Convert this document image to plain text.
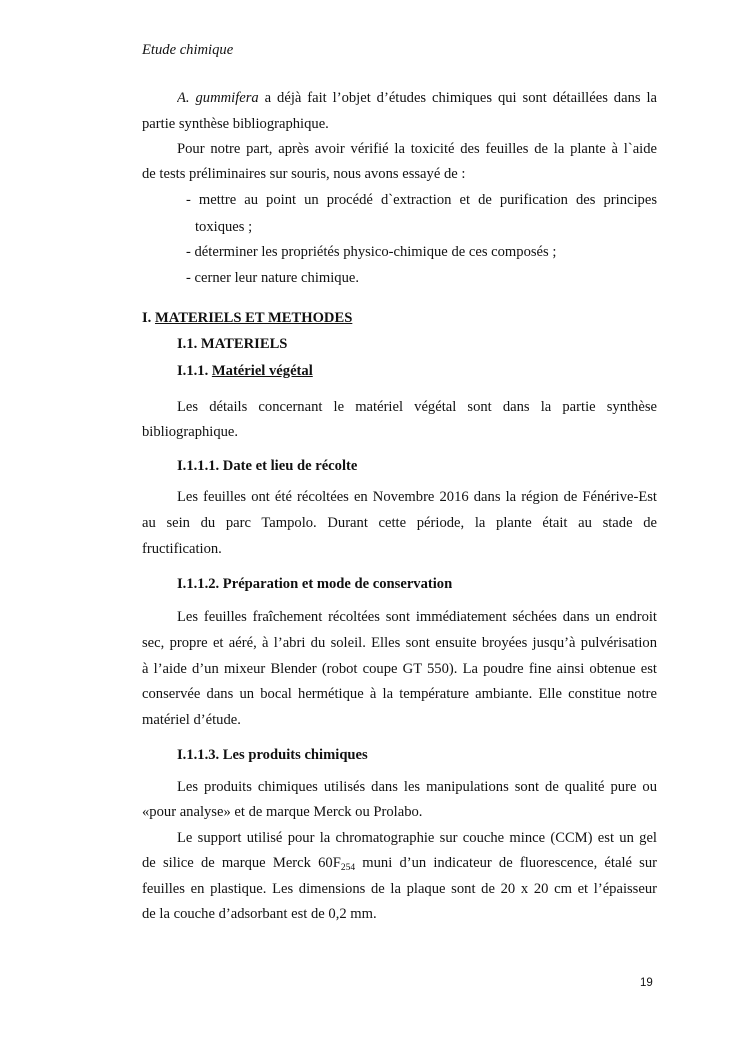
Etude chimique
A. gummifera a déjà fait l’objet d’études chimiques qui sont détaillées dans la
partie synthèse bibliographique.
Pour notre part, après avoir vérifié la toxicité des feuilles de la plante à l`aide
de tests préliminaires sur souris, nous avons essayé de :
- mettre au point un procédé d`extraction et de purification des principes
toxiques ;
- déterminer les propriétés physico-chimique de ces composés ;
- cerner leur nature chimique.
I. MATERIELS ET METHODES
I.1. MATERIELS
I.1.1. Matériel végétal
Les détails concernant le matériel végétal sont dans la partie synthèse
bibliographique.
I.1.1.1. Date et lieu de récolte
Les feuilles ont été récoltées en Novembre 2016 dans la région de Fénérive-Est
au sein du parc Tampolo. Durant cette période, la plante était au stade de
fructification.
I.1.1.2. Préparation et mode de conservation
Les feuilles fraîchement récoltées sont immédiatement séchées dans un endroit
sec, propre et aéré, à l’abri du soleil. Elles sont ensuite broyées jusqu’à pulvérisation
à l’aide d’un mixeur Blender (robot coupe GT 550). La poudre fine ainsi obtenue est
conservée dans un bocal hermétique à la température ambiante. Elle constitue notre
matériel d’étude.
I.1.1.3. Les produits chimiques
Les produits chimiques utilisés dans les manipulations sont de qualité pure ou
«pour analyse» et de marque Merck ou Prolabo.
Le support utilisé pour la chromatographie sur couche mince (CCM) est un gel
de silice de marque Merck $60F_{254}$ muni d’un indicateur de fluorescence, étalé sur
feuilles en plastique. Les dimensions de la plaque sont de 20 x 20 cm et l’épaisseur
de la couche d’adsorbant est de 0,2 mm.
19
